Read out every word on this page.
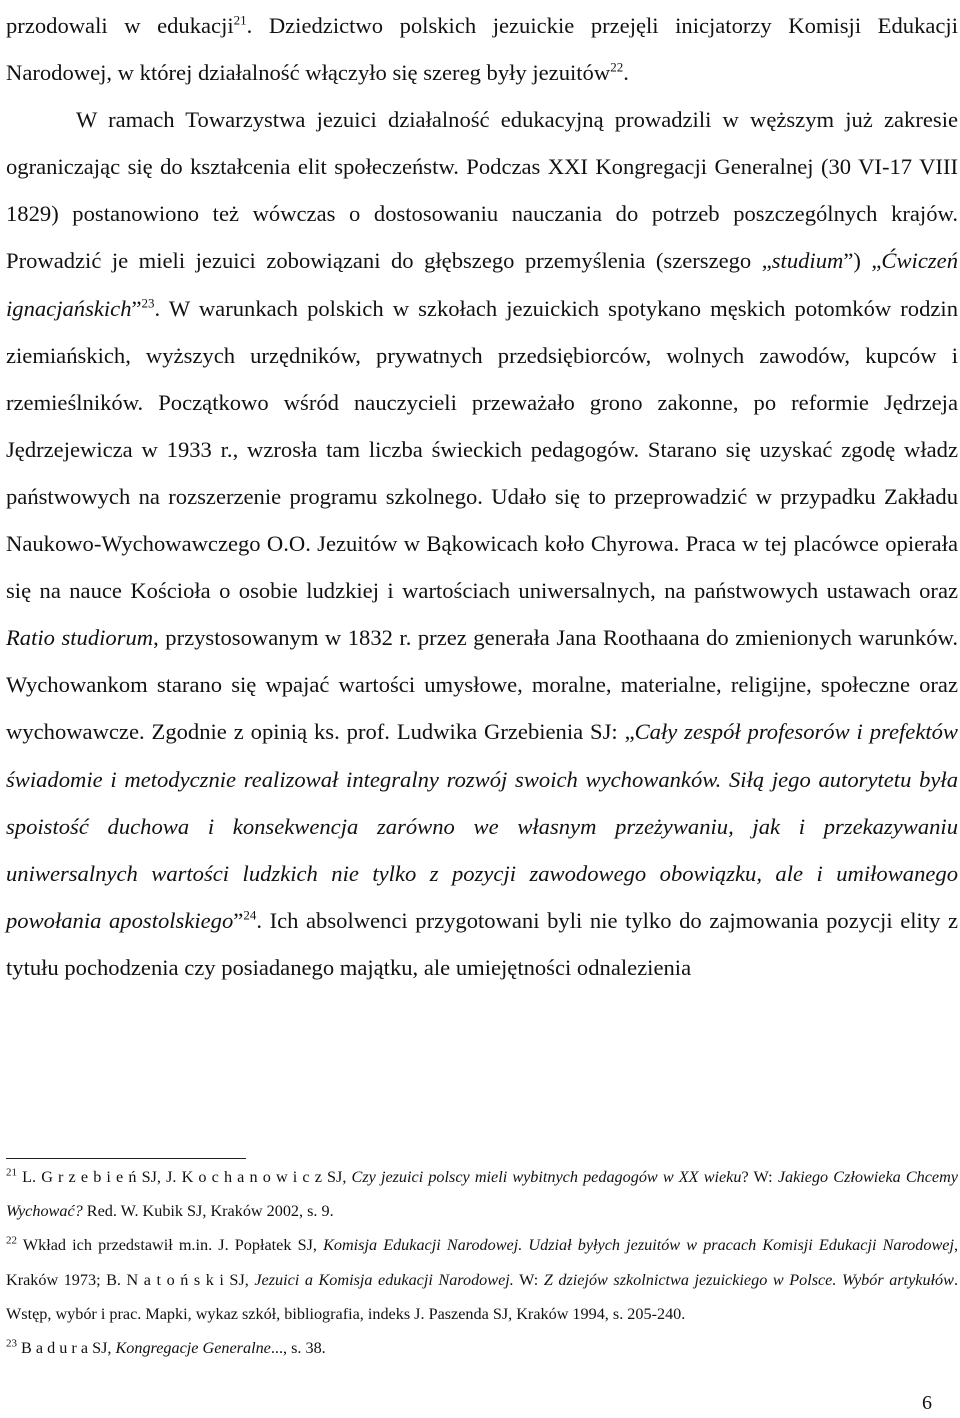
przodowali w edukacji$^{21}$. Dziedzictwo polskich jezuickie przejęli inicjatorzy Komisji Edukacji Narodowej, w której działalność włączyło się szereg były jezuitów$^{22}$.

W ramach Towarzystwa jezuici działalność edukacyjną prowadzili w węższym już zakresie ograniczając się do kształcenia elit społeczeństw. Podczas XXI Kongregacji Generalnej (30 VI-17 VIII 1829) postanowiono też wówczas o dostosowaniu nauczania do potrzeb poszczególnych krajów. Prowadzić je mieli jezuici zobowiązani do głębszego przemyślenia (szerszego „studium”) „Ćwiczeń ignacjańskich”$^{23}$. W warunkach polskich w szkołach jezuickich spotykano męskich potomków rodzin ziemiańskich, wyższych urzędników, prywatnych przedsiębiorców, wolnych zawodów, kupców i rzemieślników. Początkowo wśród nauczycieli przeważało grono zakonne, po reformie Jędrzeja Jędrzejewicza w 1933 r., wzrosła tam liczba świeckich pedagogów. Starano się uzyskać zgodę władz państwowych na rozszerzenie programu szkolnego. Udało się to przeprowadzić w przypadku Zakładu Naukowo-Wychowawczego O.O. Jezuitów w Bąkowicach koło Chyrowa. Praca w tej placówce opierała się na nauce Kościoła o osobie ludzkiej i wartościach uniwersalnych, na państwowych ustawach oraz Ratio studiorum, przystosowanym w 1832 r. przez generała Jana Roothaana do zmienionych warunków. Wychowankom starano się wpajać wartości umysłowe, moralne, materialne, religijne, społeczne oraz wychowawcze. Zgodnie z opinią ks. prof. Ludwika Grzebienia SJ: „Cały zespół profesorów i prefektów świadomie i metodycznie realizował integralny rozwój swoich wychowanków. Siłą jego autorytetu była spoistość duchowa i konsekwencja zarówno we własnym przeżywaniu, jak i przekazywaniu uniwersalnych wartości ludzkich nie tylko z pozycji zawodowego obowiązku, ale i umiłowanego powołania apostolskiego”$^{24}$. Ich absolwenci przygotowani byli nie tylko do zajmowania pozycji elity z tytułu pochodzenia czy posiadanego majątku, ale umiejętności odnalezienia

$^{21}$ L. G r z e b i e ń SJ, J. K o c h a n o w i c z SJ, Czy jezuici polscy mieli wybitnych pedagogów w XX wieku? W: Jakiego Człowieka Chcemy Wychować? Red. W. Kubik SJ, Kraków 2002, s. 9.

$^{22}$ Wkład ich przedstawił m.in. J. Popłatek SJ, Komisja Edukacji Narodowej. Udział byłych jezuitów w pracach Komisji Edukacji Narodowej, Kraków 1973; B. N a t o ń s k i SJ, Jezuici a Komisja edukacji Narodowej. W: Z dziejów szkolnictwa jezuickiego w Polsce. Wybór artykułów. Wstęp, wybór i prac. Mapki, wykaz szkół, bibliografia, indeks J. Paszenda SJ, Kraków 1994, s. 205-240.

$^{23}$ B a d u r a SJ, Kongregacje Generalne..., s. 38.

6
